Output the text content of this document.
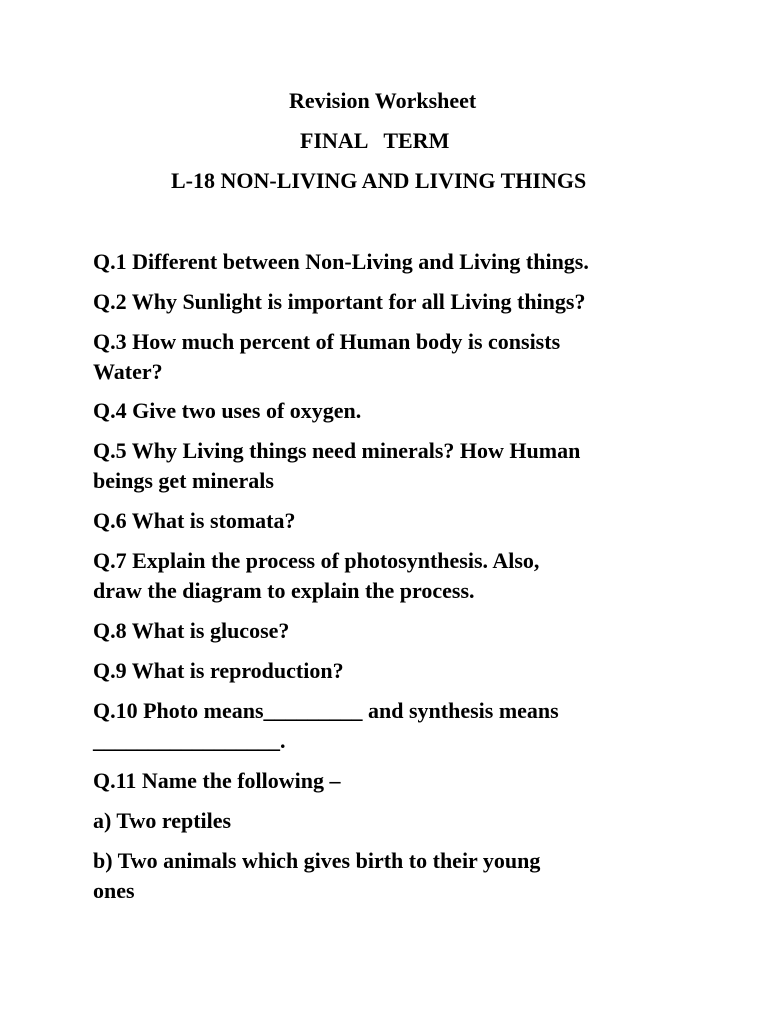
Revision Worksheet
FINAL   TERM
L-18 NON-LIVING AND LIVING THINGS
Q.1 Different between Non-Living and Living things.
Q.2 Why Sunlight is important for all Living things?
Q.3 How much percent of Human body is consists
Water?
Q.4 Give two uses of oxygen.
Q.5 Why Living things need minerals? How Human
beings get minerals
Q.6 What is stomata?
Q.7 Explain the process of photosynthesis. Also,
draw the diagram to explain the process.
Q.8 What is glucose?
Q.9 What is reproduction?
Q.10 Photo means_________ and synthesis means
_________________.
Q.11 Name the following –
a) Two reptiles
b) Two animals which gives birth to their young
ones
